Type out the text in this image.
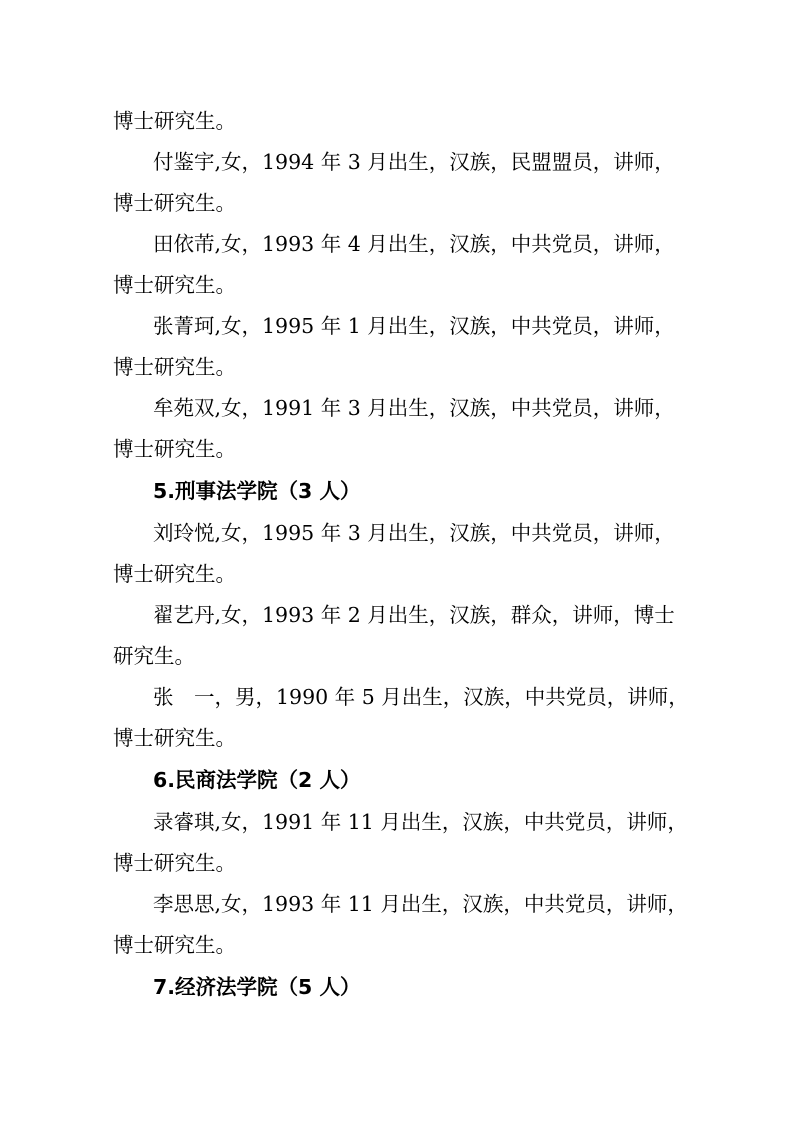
博士研究生。
付鉴宇,女，1994 年 3 月出生，汉族，民盟盟员，讲师，
博士研究生。
田依芾,女，1993 年 4 月出生，汉族，中共党员，讲师，
博士研究生。
张菁珂,女，1995 年 1 月出生，汉族，中共党员，讲师，
博士研究生。
牟苑双,女，1991 年 3 月出生，汉族，中共党员，讲师，
博士研究生。
5.刑事法学院（3 人）
刘玲悦,女，1995 年 3 月出生，汉族，中共党员，讲师，
博士研究生。
翟艺丹,女，1993 年 2 月出生，汉族，群众，讲师，博士
研究生。
张　一，男，1990 年 5 月出生，汉族，中共党员，讲师，
博士研究生。
6.民商法学院（2 人）
录睿琪,女，1991 年 11 月出生，汉族，中共党员，讲师，
博士研究生。
李思思,女，1993 年 11 月出生，汉族，中共党员，讲师，
博士研究生。
7.经济法学院（5 人）
